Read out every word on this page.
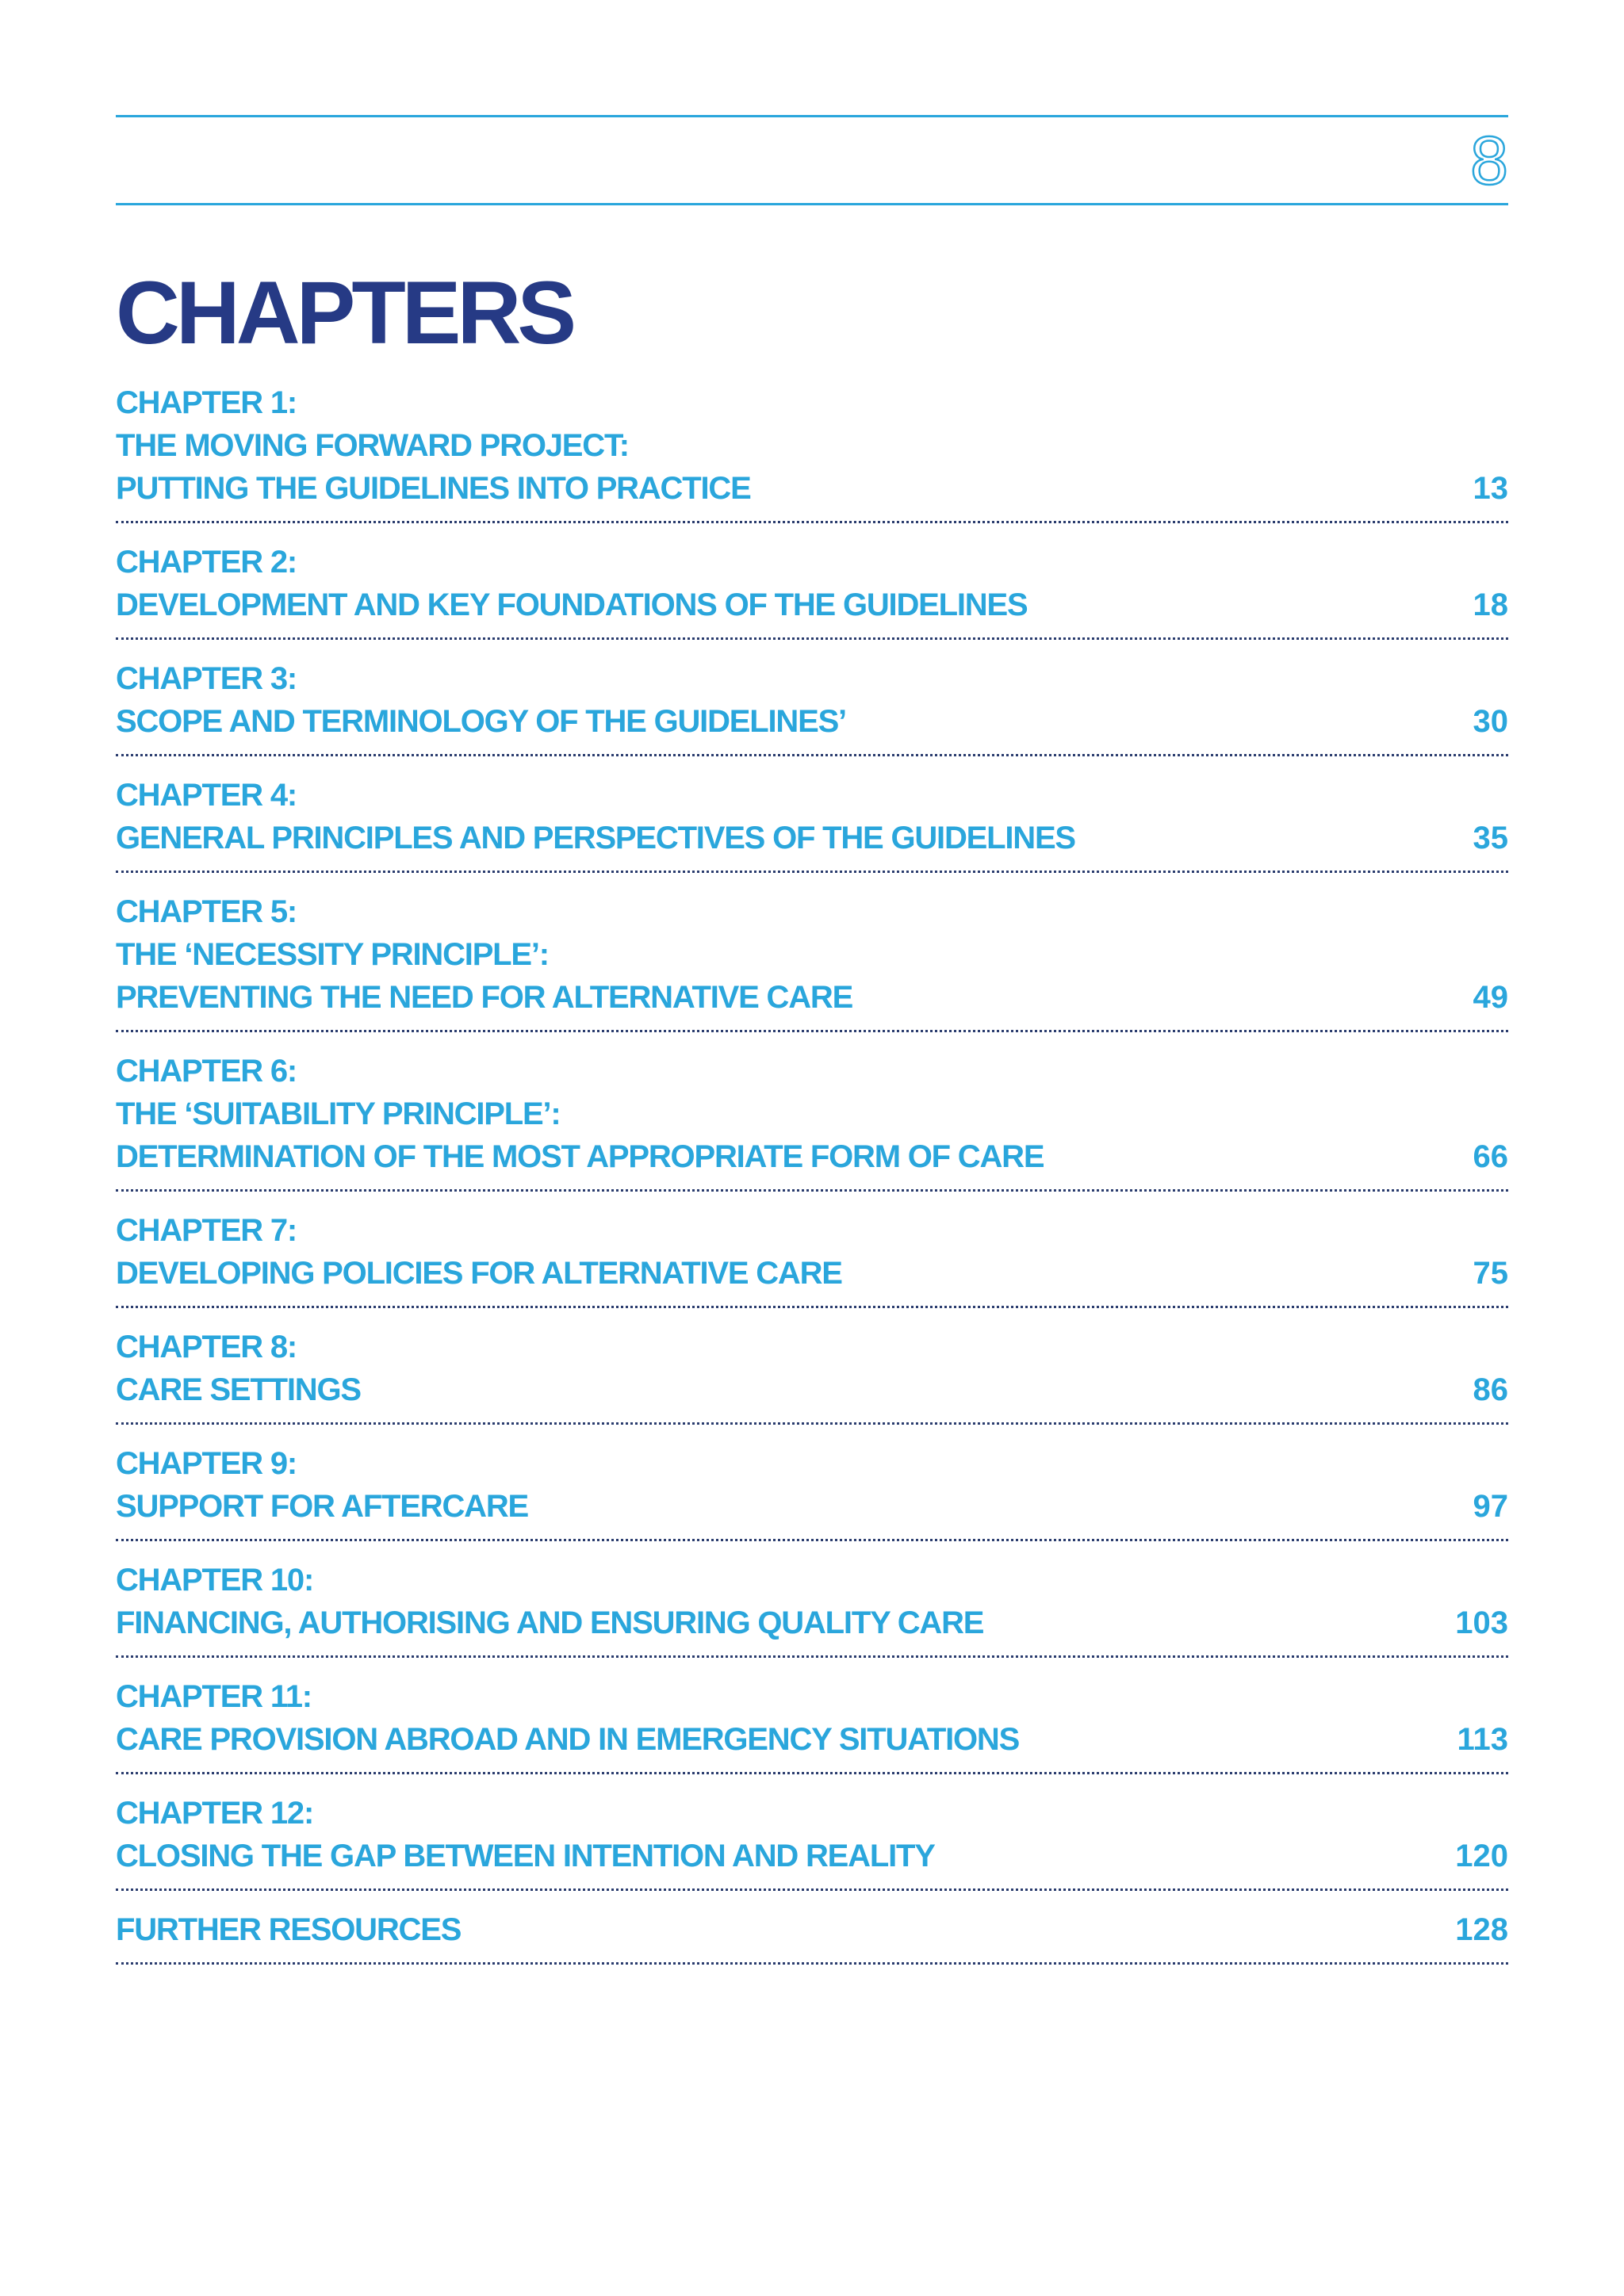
8
CHAPTERS
CHAPTER 1:
THE MOVING FORWARD PROJECT:
PUTTING THE GUIDELINES INTO PRACTICE	13
CHAPTER 2:
DEVELOPMENT AND KEY FOUNDATIONS OF THE GUIDELINES	18
CHAPTER 3:
SCOPE AND TERMINOLOGY OF THE GUIDELINES’	30
CHAPTER 4:
GENERAL PRINCIPLES AND PERSPECTIVES OF THE GUIDELINES	35
CHAPTER 5:
THE ‘NECESSITY PRINCIPLE’:
PREVENTING THE NEED FOR ALTERNATIVE CARE	49
CHAPTER 6:
THE ‘SUITABILITY PRINCIPLE’:
DETERMINATION OF THE MOST APPROPRIATE FORM OF CARE	66
CHAPTER 7:
DEVELOPING POLICIES FOR ALTERNATIVE CARE	75
CHAPTER 8:
CARE SETTINGS	86
CHAPTER 9:
SUPPORT FOR AFTERCARE	97
CHAPTER 10:
FINANCING, AUTHORISING AND ENSURING QUALITY CARE	103
CHAPTER 11:
CARE PROVISION ABROAD AND IN EMERGENCY SITUATIONS	113
CHAPTER 12:
CLOSING THE GAP BETWEEN INTENTION AND REALITY	120
FURTHER RESOURCES	128
